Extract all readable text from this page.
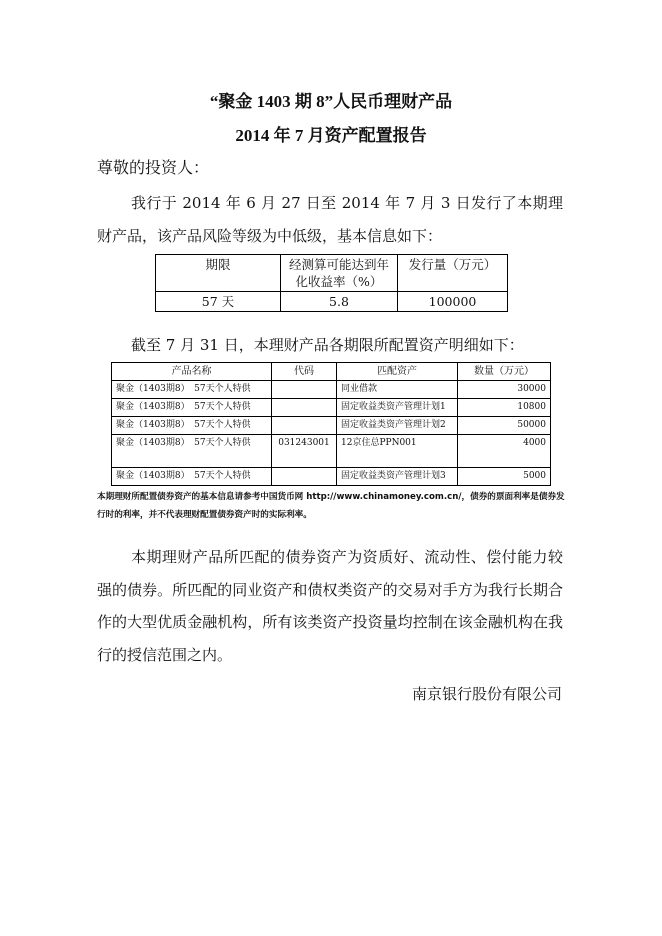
“聚金 1403 期 8”人民币理财产品
2014 年 7 月资产配置报告
尊敬的投资人：
我行于 2014 年 6 月 27 日至 2014 年 7 月 3 日发行了本期理财产品，该产品风险等级为中低级，基本信息如下：
期限	经测算可能达到年化收益率（%）	发行量（万元）
57 天	5.8	100000
截至 7 月 31 日，本理财产品各期限所配置资产明细如下：
产品名称	代码	匹配资产	数量（万元）
聚金（1403期8）　57天个人特供		同业借款	30000
聚金（1403期8）　57天个人特供		固定收益类资产管理计划1	10800
聚金（1403期8）　57天个人特供		固定收益类资产管理计划2	50000
聚金（1403期8）　57天个人特供	031243001	12京住总PPN001	4000
聚金（1403期8）　57天个人特供		固定收益类资产管理计划3	5000
本期理财所配置债券资产的基本信息请参考中国货币网 http://www.chinamoney.com.cn/，债券的票面利率是债券发行时的利率，并不代表理财配置债券资产时的实际利率。
本期理财产品所匹配的债券资产为资质好、流动性、偿付能力较强的债券。所匹配的同业资产和债权类资产的交易对手方为我行长期合作的大型优质金融机构，所有该类资产投资量均控制在该金融机构在我行的授信范围之内。
南京银行股份有限公司
